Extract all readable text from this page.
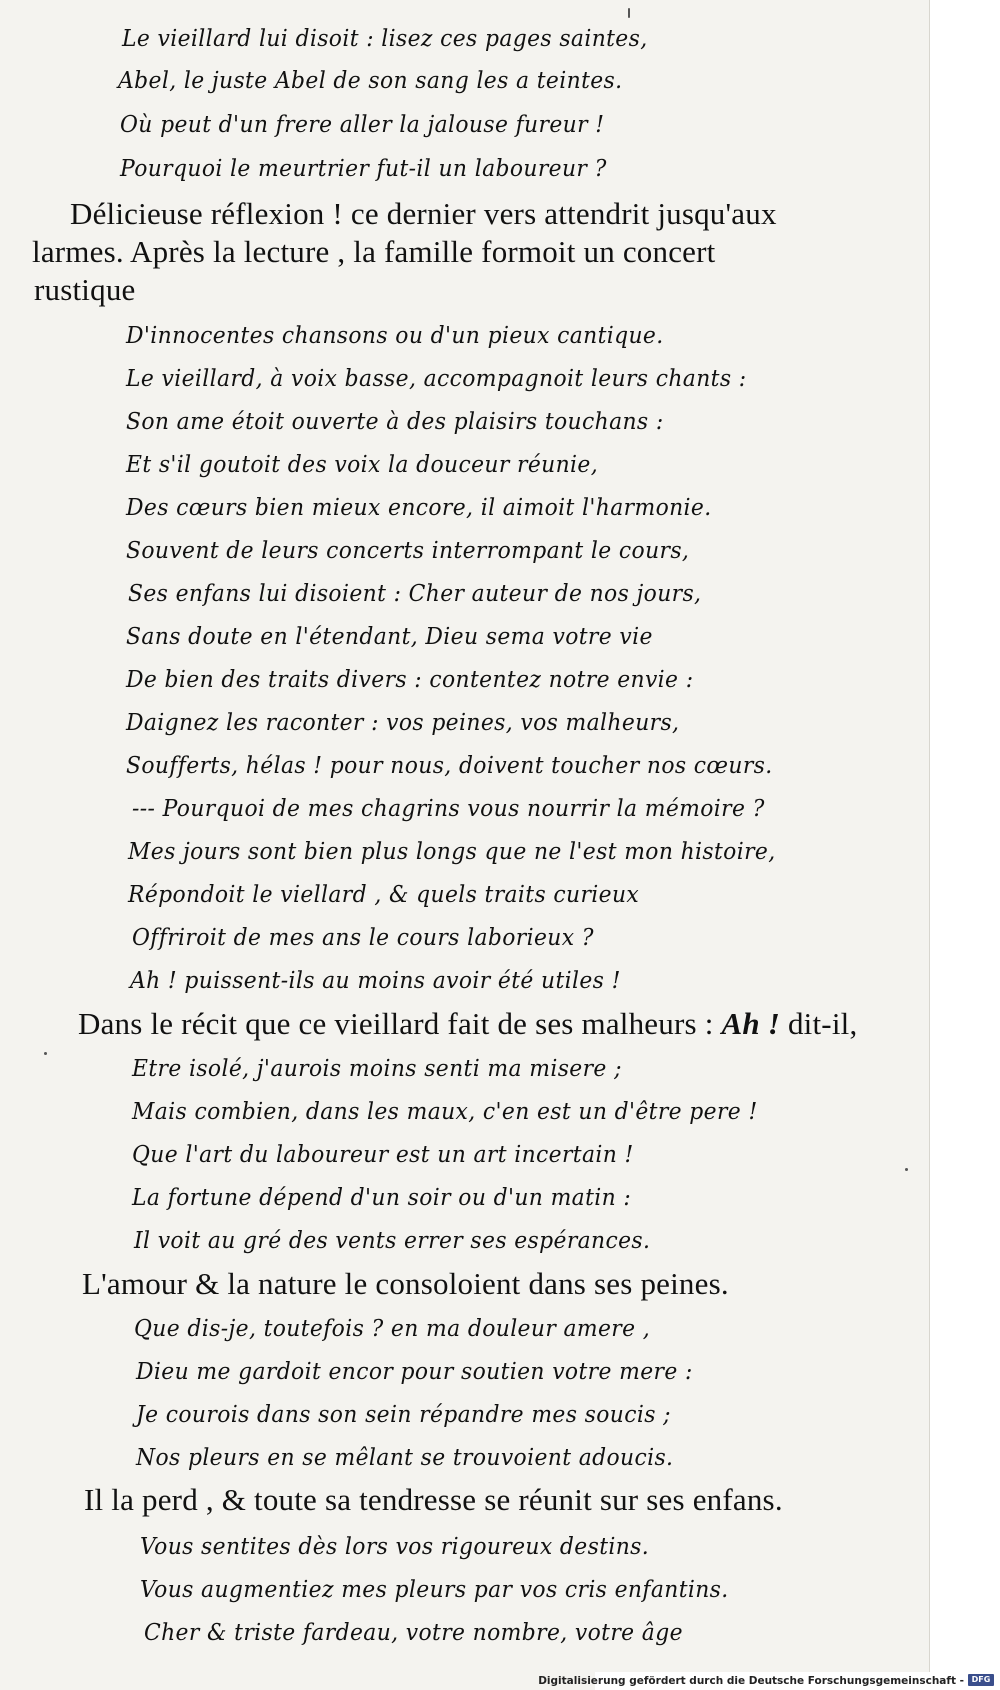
Le vieillard lui disoit : lisez ces pages saintes,
Abel, le juste Abel de son sang les a teintes.
Où peut d'un frere aller la jalouse fureur !
Pourquoi le meurtrier fut-il un laboureur ?
Délicieuse réflexion ! ce dernier vers attendrit jusqu'aux
larmes. Après la lecture , la famille formoit un concert
rustique
D'innocentes chansons ou d'un pieux cantique.
Le vieillard, à voix basse, accompagnoit leurs chants :
Son ame étoit ouverte à des plaisirs touchans :
Et s'il goutoit des voix la douceur réunie,
Des cœurs bien mieux encore, il aimoit l'harmonie.
Souvent de leurs concerts interrompant le cours,
Ses enfans lui disoient : Cher auteur de nos jours,
Sans doute en l'étendant, Dieu sema votre vie
De bien des traits divers : contentez notre envie :
Daignez les raconter : vos peines, vos malheurs,
Soufferts, hélas ! pour nous, doivent toucher nos cœurs.
--- Pourquoi de mes chagrins vous nourrir la mémoire ?
Mes jours sont bien plus longs que ne l'est mon histoire,
Répondoit le viellard , & quels traits curieux
Offriroit de mes ans le cours laborieux ?
Ah ! puissent-ils au moins avoir été utiles !
Dans le récit que ce vieillard fait de ses malheurs : Ah ! dit-il,
Etre isolé, j'aurois moins senti ma misere ;
Mais combien, dans les maux, c'en est un d'être pere !
Que l'art du laboureur est un art incertain !
La fortune dépend d'un soir ou d'un matin :
Il voit au gré des vents errer ses espérances.
L'amour & la nature le consoloient dans ses peines.
Que dis-je, toutefois ? en ma douleur amere ,
Dieu me gardoit encor pour soutien votre mere :
Je courois dans son sein répandre mes soucis ;
Nos pleurs en se mêlant se trouvoient adoucis.
Il la perd , & toute sa tendresse se réunit sur ses enfans.
Vous sentites dès lors vos rigoureux destins.
Vous augmentiez mes pleurs par vos cris enfantins.
Cher & triste fardeau, votre nombre, votre âge
Digitalisierung gefördert durch die Deutsche Forschungsgemeinschaft - DFG
